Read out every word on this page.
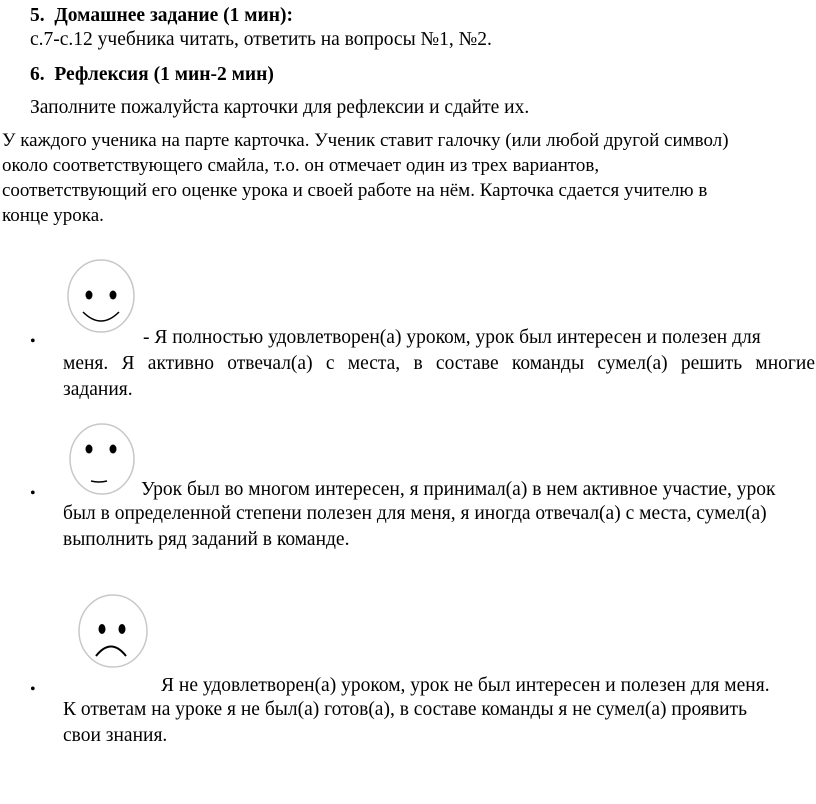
5. Домашнее задание (1 мин):
с.7-с.12 учебника читать, ответить на вопросы №1, №2.
6. Рефлексия (1 мин-2 мин)
Заполните пожалуйста карточки для рефлексии и сдайте их.
У каждого ученика на парте карточка. Ученик ставит галочку (или любой другой символ)
около соответствующего смайла, т.о. он отмечает один из трех вариантов,
соответствующий его оценке урока и своей работе на нём. Карточка сдается учителю в
конце урока.
•	- Я полностью удовлетворен(а) уроком, урок был интересен и полезен для
меня. Я активно отвечал(а) с места, в составе команды сумел(а) решить многие
задания.
•	Урок был во многом интересен, я принимал(а) в нем активное участие, урок
был в определенной степени полезен для меня, я иногда отвечал(а) с места, сумел(а)
выполнить ряд заданий в команде.
•	Я не удовлетворен(а) уроком, урок не был интересен и полезен для меня.
К ответам на уроке я не был(а) готов(а), в составе команды я не сумел(а) проявить
свои знания.
